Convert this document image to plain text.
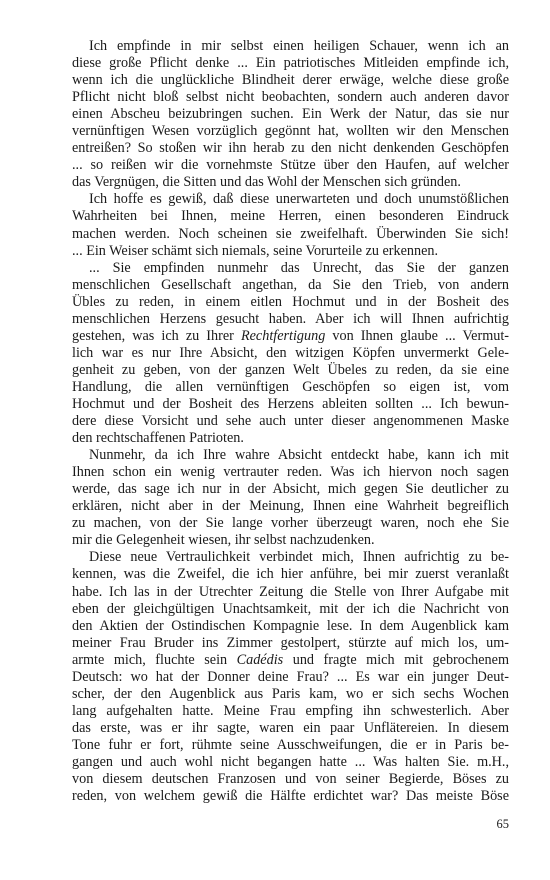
Ich empfinde in mir selbst einen heiligen Schauer, wenn ich an
diese große Pflicht denke ... Ein patriotisches Mitleiden empfinde ich,
wenn ich die unglückliche Blindheit derer erwäge, welche diese große
Pflicht nicht bloß selbst nicht beobachten, sondern auch anderen davor
einen Abscheu beizubringen suchen. Ein Werk der Natur, das sie nur
vernünftigen Wesen vorzüglich gegönnt hat, wollten wir den Menschen
entreißen? So stoßen wir ihn herab zu den nicht denkenden Geschöpfen
... so reißen wir die vornehmste Stütze über den Haufen, auf welcher
das Vergnügen, die Sitten und das Wohl der Menschen sich gründen.
Ich hoffe es gewiß, daß diese unerwarteten und doch unumstößlichen
Wahrheiten bei Ihnen, meine Herren, einen besonderen Eindruck
machen werden. Noch scheinen sie zweifelhaft. Überwinden Sie sich!
... Ein Weiser schämt sich niemals, seine Vorurteile zu erkennen.
... Sie empfinden nunmehr das Unrecht, das Sie der ganzen
menschlichen Gesellschaft angethan, da Sie den Trieb, von andern
Übles zu reden, in einem eitlen Hochmut und in der Bosheit des
menschlichen Herzens gesucht haben. Aber ich will Ihnen aufrichtig
gestehen, was ich zu Ihrer Rechtfertigung von Ihnen glaube ... Vermut-
lich war es nur Ihre Absicht, den witzigen Köpfen unvermerkt Gele-
genheit zu geben, von der ganzen Welt Übeles zu reden, da sie eine
Handlung, die allen vernünftigen Geschöpfen so eigen ist, vom
Hochmut und der Bosheit des Herzens ableiten sollten ... Ich bewun-
dere diese Vorsicht und sehe auch unter dieser angenommenen Maske
den rechtschaffenen Patrioten.
Nunmehr, da ich Ihre wahre Absicht entdeckt habe, kann ich mit
Ihnen schon ein wenig vertrauter reden. Was ich hiervon noch sagen
werde, das sage ich nur in der Absicht, mich gegen Sie deutlicher zu
erklären, nicht aber in der Meinung, Ihnen eine Wahrheit begreiflich
zu machen, von der Sie lange vorher überzeugt waren, noch ehe Sie
mir die Gelegenheit wiesen, ihr selbst nachzudenken.
Diese neue Vertraulichkeit verbindet mich, Ihnen aufrichtig zu be-
kennen, was die Zweifel, die ich hier anführe, bei mir zuerst veranlaßt
habe. Ich las in der Utrechter Zeitung die Stelle von Ihrer Aufgabe mit
eben der gleichgültigen Unachtsamkeit, mit der ich die Nachricht von
den Aktien der Ostindischen Kompagnie lese. In dem Augenblick kam
meiner Frau Bruder ins Zimmer gestolpert, stürzte auf mich los, um-
armte mich, fluchte sein Cadédis und fragte mich mit gebrochenem
Deutsch: wo hat der Donner deine Frau? ... Es war ein junger Deut-
scher, der den Augenblick aus Paris kam, wo er sich sechs Wochen
lang aufgehalten hatte. Meine Frau empfing ihn schwesterlich. Aber
das erste, was er ihr sagte, waren ein paar Unflätereien. In diesem
Tone fuhr er fort, rühmte seine Ausschweifungen, die er in Paris be-
gangen und auch wohl nicht begangen hatte ... Was halten Sie. m.H.,
von diesem deutschen Franzosen und von seiner Begierde, Böses zu
reden, von welchem gewiß die Hälfte erdichtet war? Das meiste Böse
65
